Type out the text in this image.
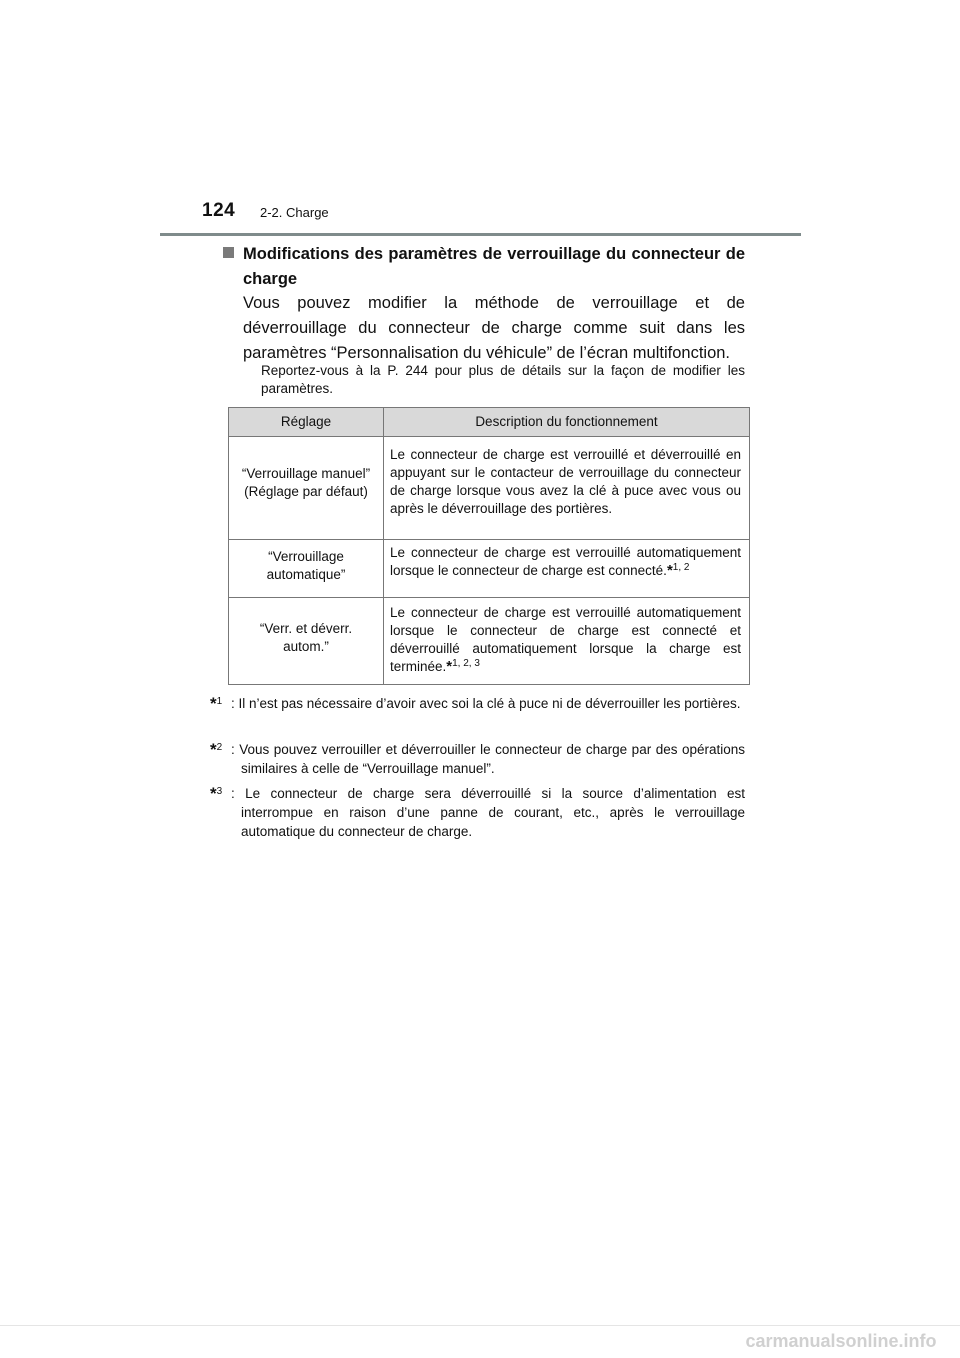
124 2-2. Charge
Modifications des paramètres de verrouillage du connecteur de charge
Vous pouvez modifier la méthode de verrouillage et de déverrouillage du connecteur de charge comme suit dans les paramètres “Personnalisation du véhicule” de l’écran multifonction.
Reportez-vous à la P. 244 pour plus de détails sur la façon de modifier les paramètres.
Réglage	Description du fonctionnement

“Verrouillage manuel”
(Réglage par défaut)	Le connecteur de charge est verrouillé et déverrouillé en appuyant sur le contacteur de verrouillage du connecteur de charge lorsque vous avez la clé à puce avec vous ou après le déverrouillage des portières.

“Verrouillage
automatique”	Le connecteur de charge est verrouillé automatiquement lorsque le connecteur de charge est connecté.*$^{1, 2}$

“Verr. et déverr.
autom.”	Le connecteur de charge est verrouillé automatiquement lorsque le connecteur de charge est connecté et déverrouillé automatiquement lorsque la charge est terminée.*$^{1, 2, 3}$
*$^1$ : Il n’est pas nécessaire d’avoir avec soi la clé à puce ni de déverrouiller les portières.
*$^2$ : Vous pouvez verrouiller et déverrouiller le connecteur de charge par des opérations similaires à celle de “Verrouillage manuel”.
*$^3$ : Le connecteur de charge sera déverrouillé si la source d’alimentation est interrompue en raison d’une panne de courant, etc., après le verrouillage automatique du connecteur de charge.
carmanualsonline.info
